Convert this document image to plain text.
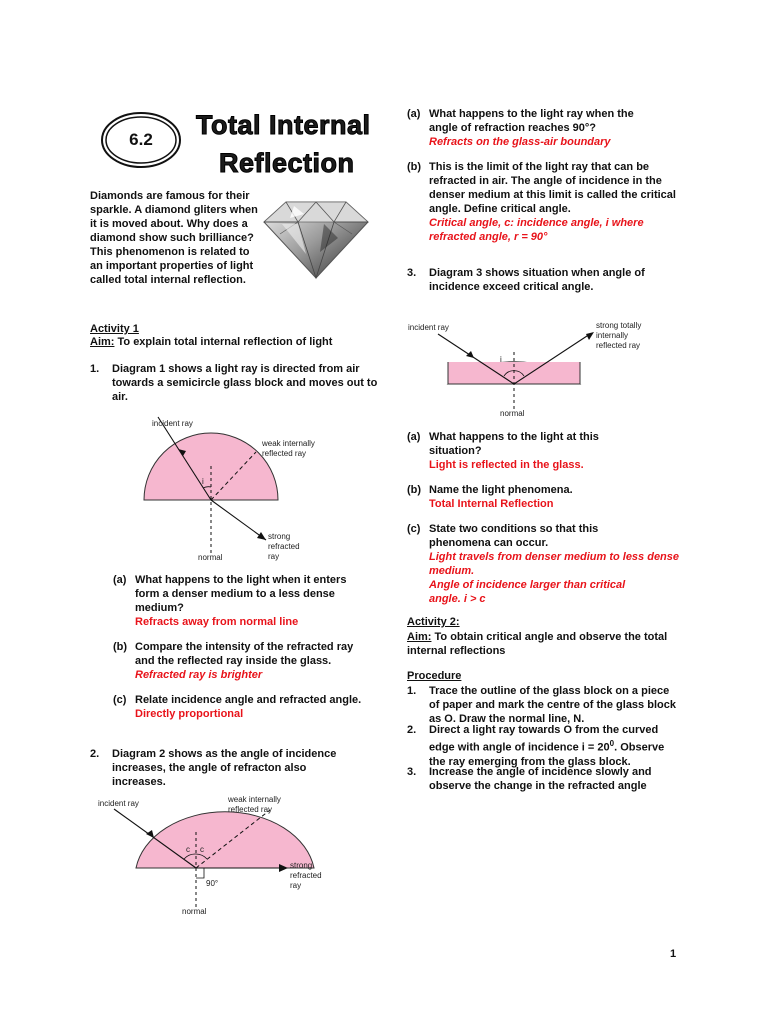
6.2	Total Internal
Reflection
Diamonds are famous for their sparkle. A diamond gliters when it is moved about. Why does a diamond show such brilliance? This phenomenon is related to an important properties of light called total internal reflection.
Activity 1
Aim: To explain total internal reflection of light
1.	Diagram 1 shows a light ray is directed from air towards a semicircle glass block and moves out to air.
i
incident ray
weak internally
reflected ray
strong
refracted
ray
normal
(a) What happens to the light when it enters form a denser medium to a less dense medium?
Refracts away from normal line
(b) Compare the intensity of the refracted ray and the reflected ray inside the glass.
Refracted ray is brighter
(c) Relate incidence angle and refracted angle.
Directly proportional
2.	Diagram 2 shows as the angle of incidence increases, the angle of refracton also increases.
c c
90°
incident ray	weak internally
reflected ray
strong
refracted
ray
normal
(a) What happens to the light ray when the
angle of refraction reaches 90°?
Refracts on the glass-air boundary
(b) This is the limit of the light ray that can be refracted in air. The angle of incidence in the denser medium at this limit is called the critical angle. Define critical angle.
Critical angle, c: incidence angle, i where
refracted angle, r = 90°
3.	Diagram 3 shows situation when angle of incidence exceed critical angle.
i
incident ray	strong totally
internally
reflected ray
normal
(a) What happens to the light at this situation?
Light is reflected in the glass.
(b) Name the light phenomena.
Total Internal Reflection
(c) State two conditions so that this phenomena can occur.
Light travels from denser medium to less dense medium.
Angle of incidence larger than critical angle. i > c
Activity 2:
Aim: To obtain critical angle and observe the total internal reflections
Procedure
1.	Trace the outline of the glass block on a piece of paper and mark the centre of the glass block as O. Draw the normal line, N.
2.	Direct a light ray towards O from the curved edge with angle of incidence $i = 20^0$. Observe the ray emerging from the glass block.
3.	Increase the angle of incidence slowly and observe the change in the refracted angle
1
